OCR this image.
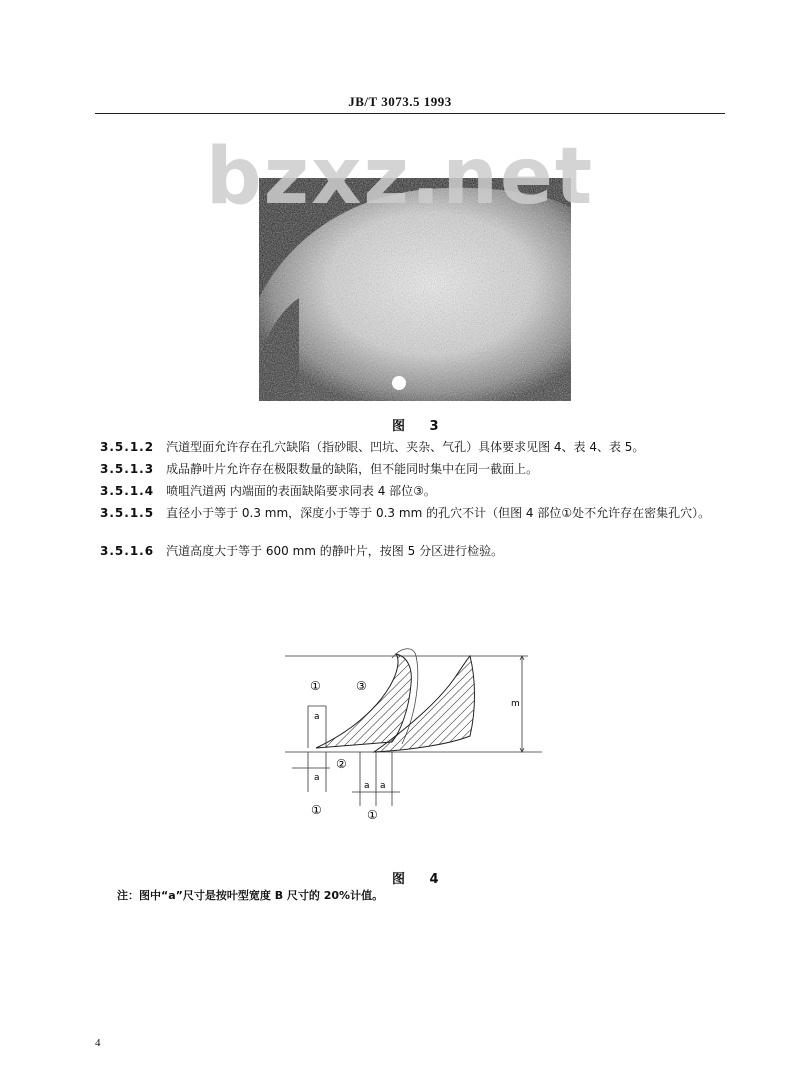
JB/T 3073.5 1993
bzxz.net
图 3
3.5.1.2 汽道型面允许存在孔穴缺陷（指砂眼、凹坑、夹杂、气孔）具体要求见图 4、表 4、表 5。
3.5.1.3 成品静叶片允许存在极限数量的缺陷，但不能同时集中在同一截面上。
3.5.1.4 喷咀汽道两 内端面的表面缺陷要求同表 4 部位③。
3.5.1.5 直径小于等于 0.3 mm，深度小于等于 0.3 mm 的孔穴不计（但图 4 部位①处不允许存在密集孔穴）。
3.5.1.6 汽道高度大于等于 600 mm 的静叶片，按图 5 分区进行检验。
m
①	③
②
a
a
①
a a
①
图 4
注：图中“a”尺寸是按叶型宽度 B 尺寸的 20%计值。
4
